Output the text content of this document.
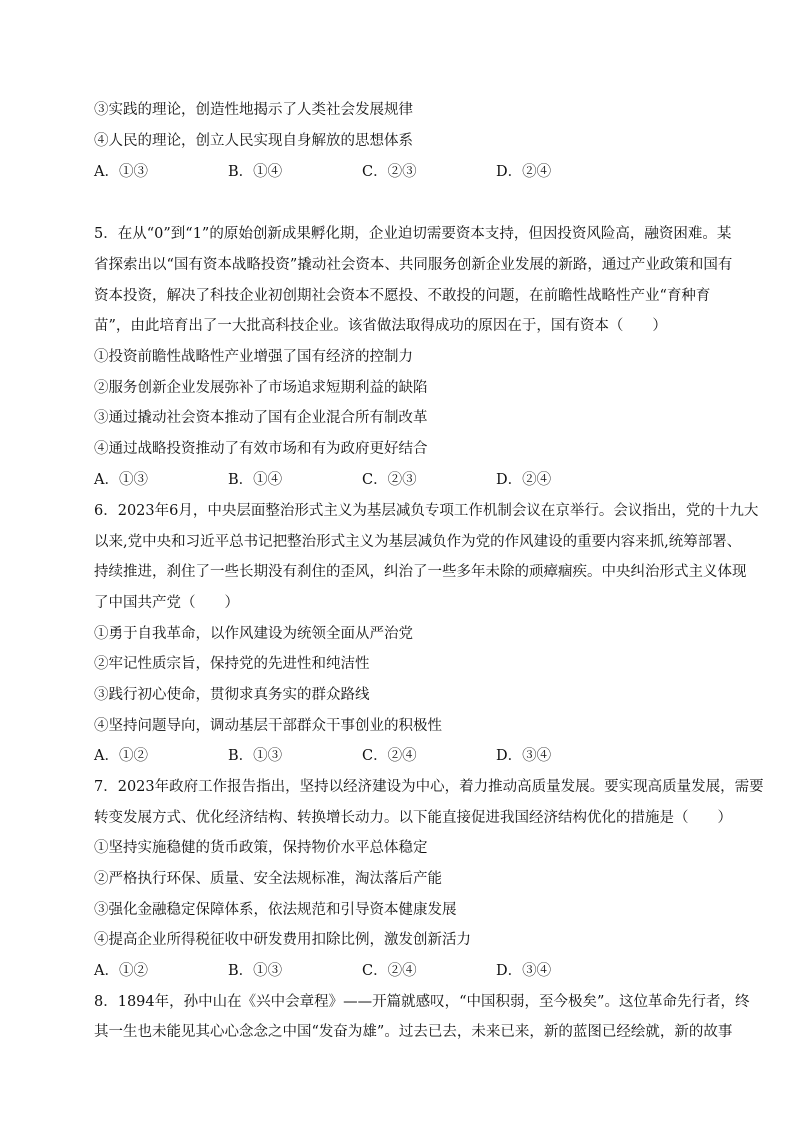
③实践的理论，创造性地揭示了人类社会发展规律
④人民的理论，创立人民实现自身解放的思想体系
A．①③	B．①④	C．②③	D．②④
5．在从“0”到“1”的原始创新成果孵化期，企业迫切需要资本支持，但因投资风险高，融资困难。某
省探索出以“国有资本战略投资”撬动社会资本、共同服务创新企业发展的新路，通过产业政策和国有
资本投资，解决了科技企业初创期社会资本不愿投、不敢投的问题，在前瞻性战略性产业“育种育
苗”，由此培育出了一大批高科技企业。该省做法取得成功的原因在于，国有资本（　　）
①投资前瞻性战略性产业增强了国有经济的控制力
②服务创新企业发展弥补了市场追求短期利益的缺陷
③通过撬动社会资本推动了国有企业混合所有制改革
④通过战略投资推动了有效市场和有为政府更好结合
A．①③	B．①④	C．②③	D．②④
6．2023年6月，中央层面整治形式主义为基层减负专项工作机制会议在京举行。会议指出，党的十九大
以来,党中央和习近平总书记把整治形式主义为基层减负作为党的作风建设的重要内容来抓,统筹部署、
持续推进，刹住了一些长期没有刹住的歪风，纠治了一些多年未除的顽瘴痼疾。中央纠治形式主义体现
了中国共产党（　　）
①勇于自我革命，以作风建设为统领全面从严治党
②牢记性质宗旨，保持党的先进性和纯洁性
③践行初心使命，贯彻求真务实的群众路线
④坚持问题导向，调动基层干部群众干事创业的积极性
A．①②	B．①③	C．②④	D．③④
7．2023年政府工作报告指出，坚持以经济建设为中心，着力推动高质量发展。要实现高质量发展，需要
转变发展方式、优化经济结构、转换增长动力。以下能直接促进我国经济结构优化的措施是（　　）
①坚持实施稳健的货币政策，保持物价水平总体稳定
②严格执行环保、质量、安全法规标准，淘汰落后产能
③强化金融稳定保障体系，依法规范和引导资本健康发展
④提高企业所得税征收中研发费用扣除比例，激发创新活力
A．①②	B．①③	C．②④	D．③④
8．1894年，孙中山在《兴中会章程》——开篇就感叹，“中国积弱，至今极矣”。这位革命先行者，终
其一生也未能见其心心念念之中国“发奋为雄”。过去已去，未来已来，新的蓝图已经绘就，新的故事
